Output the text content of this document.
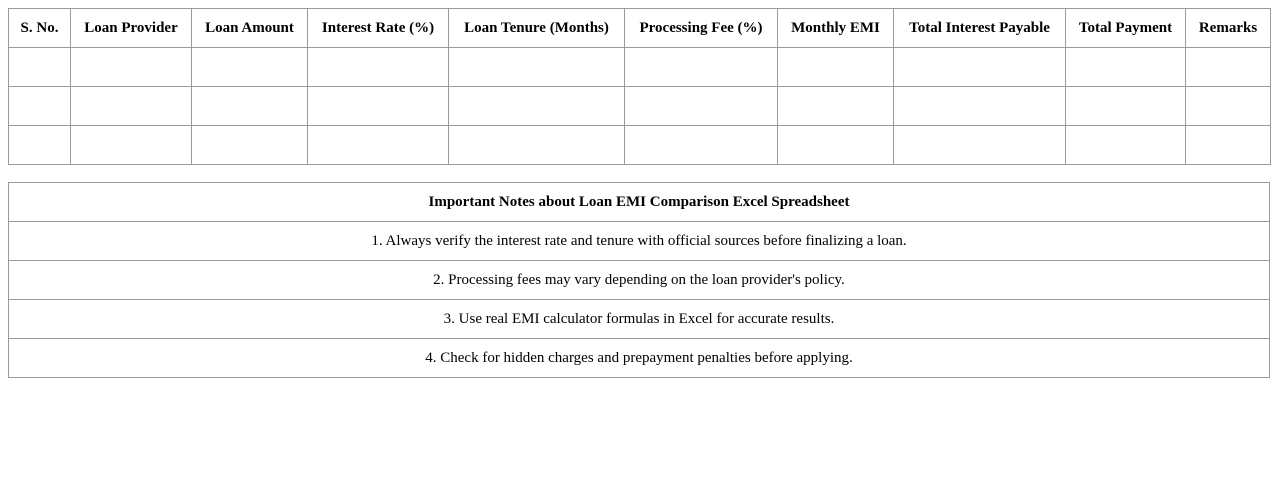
S. No.	Loan Provider	Loan Amount	Interest Rate (%)	Loan Tenure (Months)	Processing Fee (%)	Monthly EMI	Total Interest Payable	Total Payment	Remarks

Important Notes about Loan EMI Comparison Excel Spreadsheet
1. Always verify the interest rate and tenure with official sources before finalizing a loan.
2. Processing fees may vary depending on the loan provider's policy.
3. Use real EMI calculator formulas in Excel for accurate results.
4. Check for hidden charges and prepayment penalties before applying.
